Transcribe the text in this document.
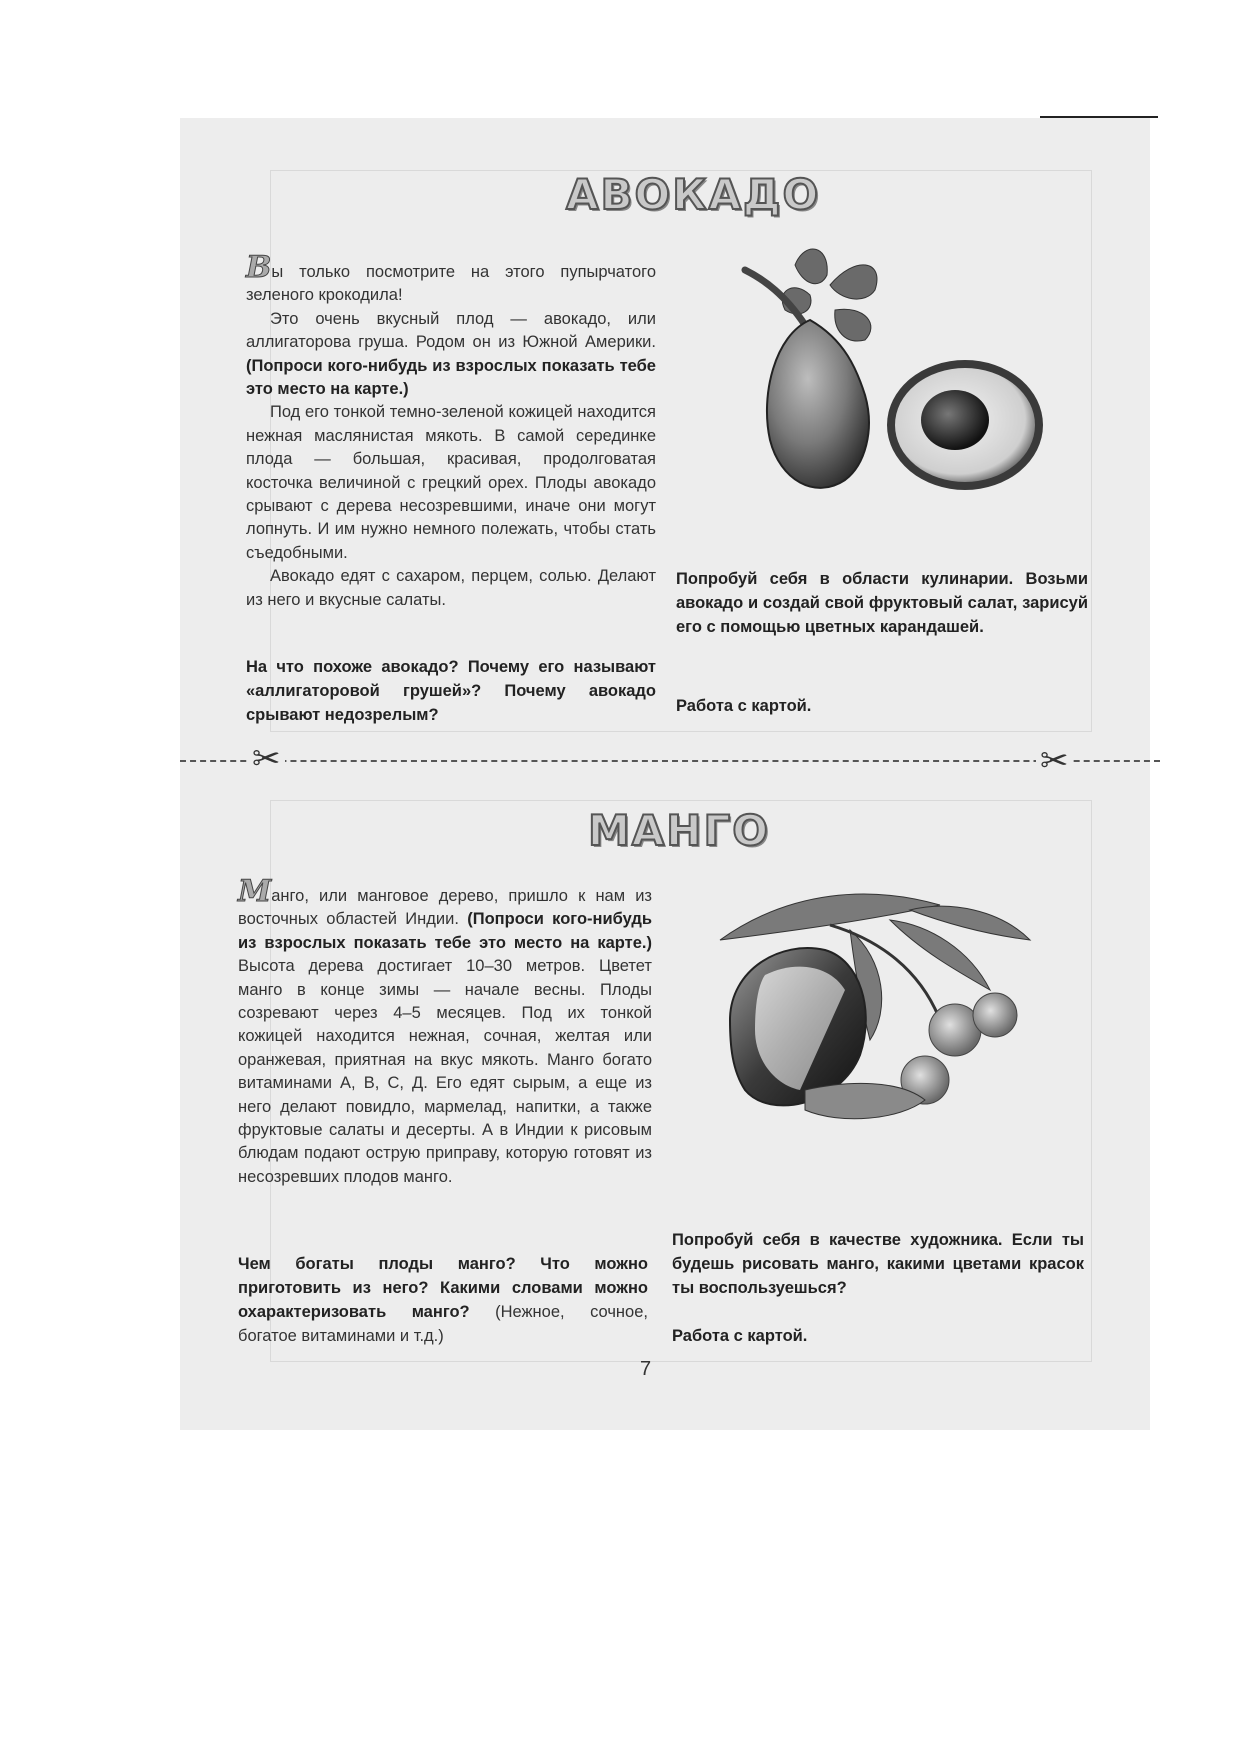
АВОКАДО

Вы только посмотрите на этого пупырчатого зеленого крокодила!

Это очень вкусный плод — авокадо, или аллигаторова груша. Родом он из Южной Америки. (Попроси кого-нибудь из взрослых показать тебе это место на карте.)

Под его тонкой темно-зеленой кожицей находится нежная маслянистая мякоть. В самой серединке плода — большая, красивая, продолговатая косточка величиной с грецкий орех. Плоды авокадо срывают с дерева несозревшими, иначе они могут лопнуть. И им нужно немного полежать, чтобы стать съедобными.

Авокадо едят с сахаром, перцем, солью. Делают из него и вкусные салаты.

На что похоже авокадо? Почему его называют «аллигаторовой грушей»? Почему авокадо срывают недозрелым?
Попробуй себя в области кулинарии. Возьми авокадо и создай свой фруктовый салат, зарисуй его с помощью цветных карандашей.
Работа с картой.
✂	✂
МАНГО

Манго, или манговое дерево, пришло к нам из восточных областей Индии. (Попроси кого-нибудь из взрослых показать тебе это место на карте.) Высота дерева достигает 10–30 метров. Цветет манго в конце зимы — начале весны. Плоды созревают через 4–5 месяцев. Под их тонкой кожицей находится нежная, сочная, желтая или оранжевая, приятная на вкус мякоть. Манго богато витаминами А, В, С, Д. Его едят сырым, а еще из него делают повидло, мармелад, напитки, а также фруктовые салаты и десерты. А в Индии к рисовым блюдам подают острую приправу, которую готовят из несозревших плодов манго.

Чем богаты плоды манго? Что можно приготовить из него? Какими словами можно охарактеризовать манго? (Нежное, сочное, богатое витаминами и т.д.)
Попробуй себя в качестве художника. Если ты будешь рисовать манго, какими цветами красок ты воспользуешься?
Работа с картой.
7
